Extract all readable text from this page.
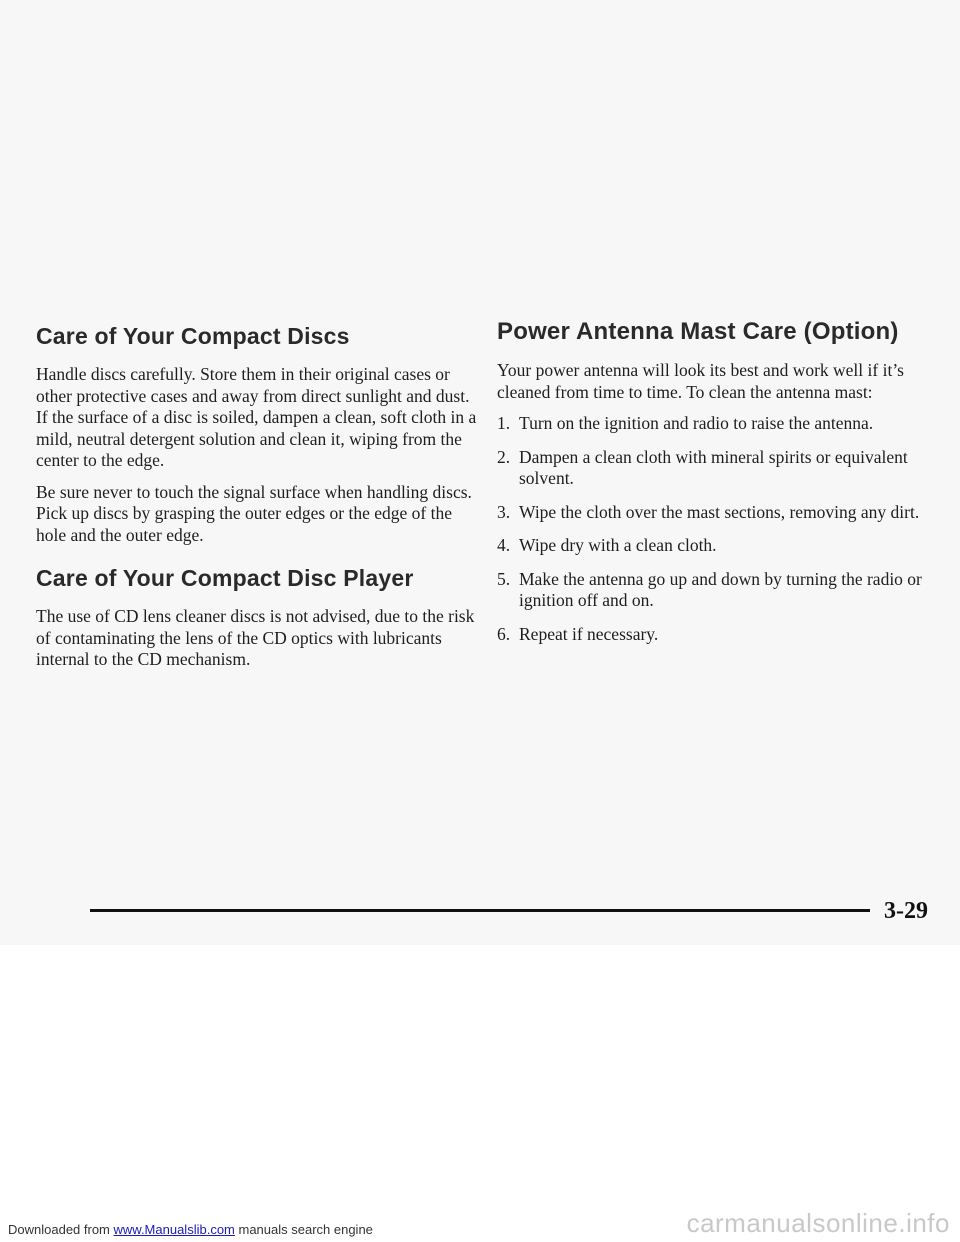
Care of Your Compact Discs

Handle discs carefully. Store them in their original cases or other protective cases and away from direct sunlight and dust. If the surface of a disc is soiled, dampen a clean, soft cloth in a mild, neutral detergent solution and clean it, wiping from the center to the edge.

Be sure never to touch the signal surface when handling discs. Pick up discs by grasping the outer edges or the edge of the hole and the outer edge.

Care of Your Compact Disc Player

The use of CD lens cleaner discs is not advised, due to the risk of contaminating the lens of the CD optics with lubricants internal to the CD mechanism.

Power Antenna Mast Care (Option)

Your power antenna will look its best and work well if it’s cleaned from time to time. To clean the antenna mast:

1. Turn on the ignition and radio to raise the antenna.
2. Dampen a clean cloth with mineral spirits or equivalent solvent.
3. Wipe the cloth over the mast sections, removing any dirt.
4. Wipe dry with a clean cloth.
5. Make the antenna go up and down by turning the radio or ignition off and on.
6. Repeat if necessary.
3-29
Downloaded from www.Manualslib.com manuals search engine	carmanualsonline.info
